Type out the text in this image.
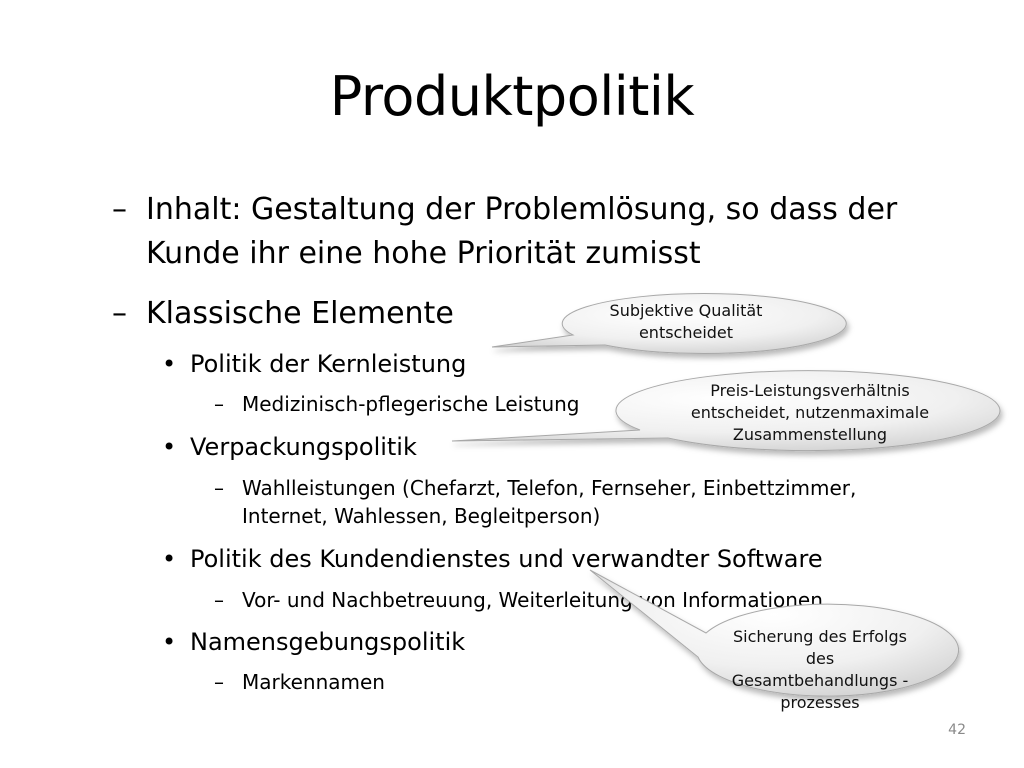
Produktpolitik
– Inhalt: Gestaltung der Problemlösung, so dass der Kunde ihr eine hohe Priorität zumisst
– Klassische Elemente
• Politik der Kernleistung
– Medizinisch-pflegerische Leistung
• Verpackungspolitik
– Wahlleistungen (Chefarzt, Telefon, Fernseher, Einbettzimmer, Internet, Wahlessen, Begleitperson)
• Politik des Kundendienstes und verwandter Software
– Vor- und Nachbetreuung, Weiterleitung von Informationen,
• Namensgebungspolitik
– Markennamen
Subjektive Qualität entscheidet
Preis-Leistungsverhältnis entscheidet, nutzenmaximale Zusammenstellung
Sicherung des Erfolgs des Gesamtbehandlungs -prozesses
42
